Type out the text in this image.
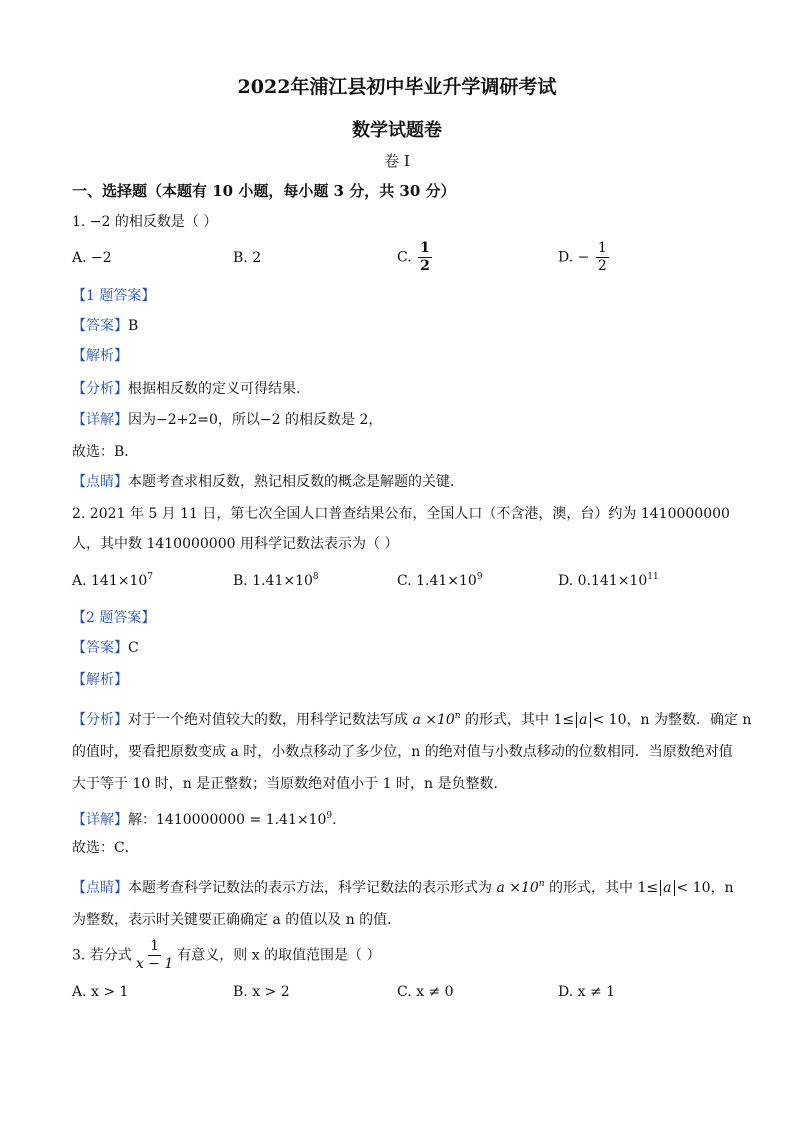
2022年浦江县初中毕业升学调研考试
数学试题卷
卷 I
一、选择题（本题有 10 小题，每小题 3 分，共 30 分）
1. −2 的相反数是（ ）
A. −2	B. 2	C. $\frac{1}{2}$	D. − $\frac{1}{2}$
【1 题答案】
【答案】B
【解析】
【分析】根据相反数的定义可得结果.
【详解】因为−2+2=0，所以−2 的相反数是 2，
故选：B．
【点睛】本题考查求相反数，熟记相反数的概念是解题的关键．
2. 2021 年 5 月 11 日，第七次全国人口普查结果公布，全国人口（不含港，澳，台）约为 1410000000
人，其中数 1410000000 用科学记数法表示为（ ）
A. $141\times 10^7$	B. $1.41\times 10^8$	C. $1.41\times 10^9$	D. $0.141\times 10^{11}$
【2 题答案】
【答案】C
【解析】
【分析】对于一个绝对值较大的数，用科学记数法写成 $a \times 10^n$ 的形式，其中 1≤ a < 10，n 为整数．确定 n
的值时，要看把原数变成 a 时，小数点移动了多少位，n 的绝对值与小数点移动的位数相同．当原数绝对值
大于等于 10 时，n 是正整数；当原数绝对值小于 1 时，n 是负整数．
【详解】解：$1410000000 = 1.41\times 10^9$．
故选：C．
【点睛】本题考查科学记数法的表示方法，科学记数法的表示形式为 $a \times 10^n$ 的形式，其中 1≤ a < 10，n
为整数，表示时关键要正确确定 a 的值以及 n 的值．
3. 若分式 $\frac{1}{x - 1}$ 有意义，则 x 的取值范围是（ ）
A. x > 1	B. x > 2	C. x ≠ 0	D. x ≠ 1
